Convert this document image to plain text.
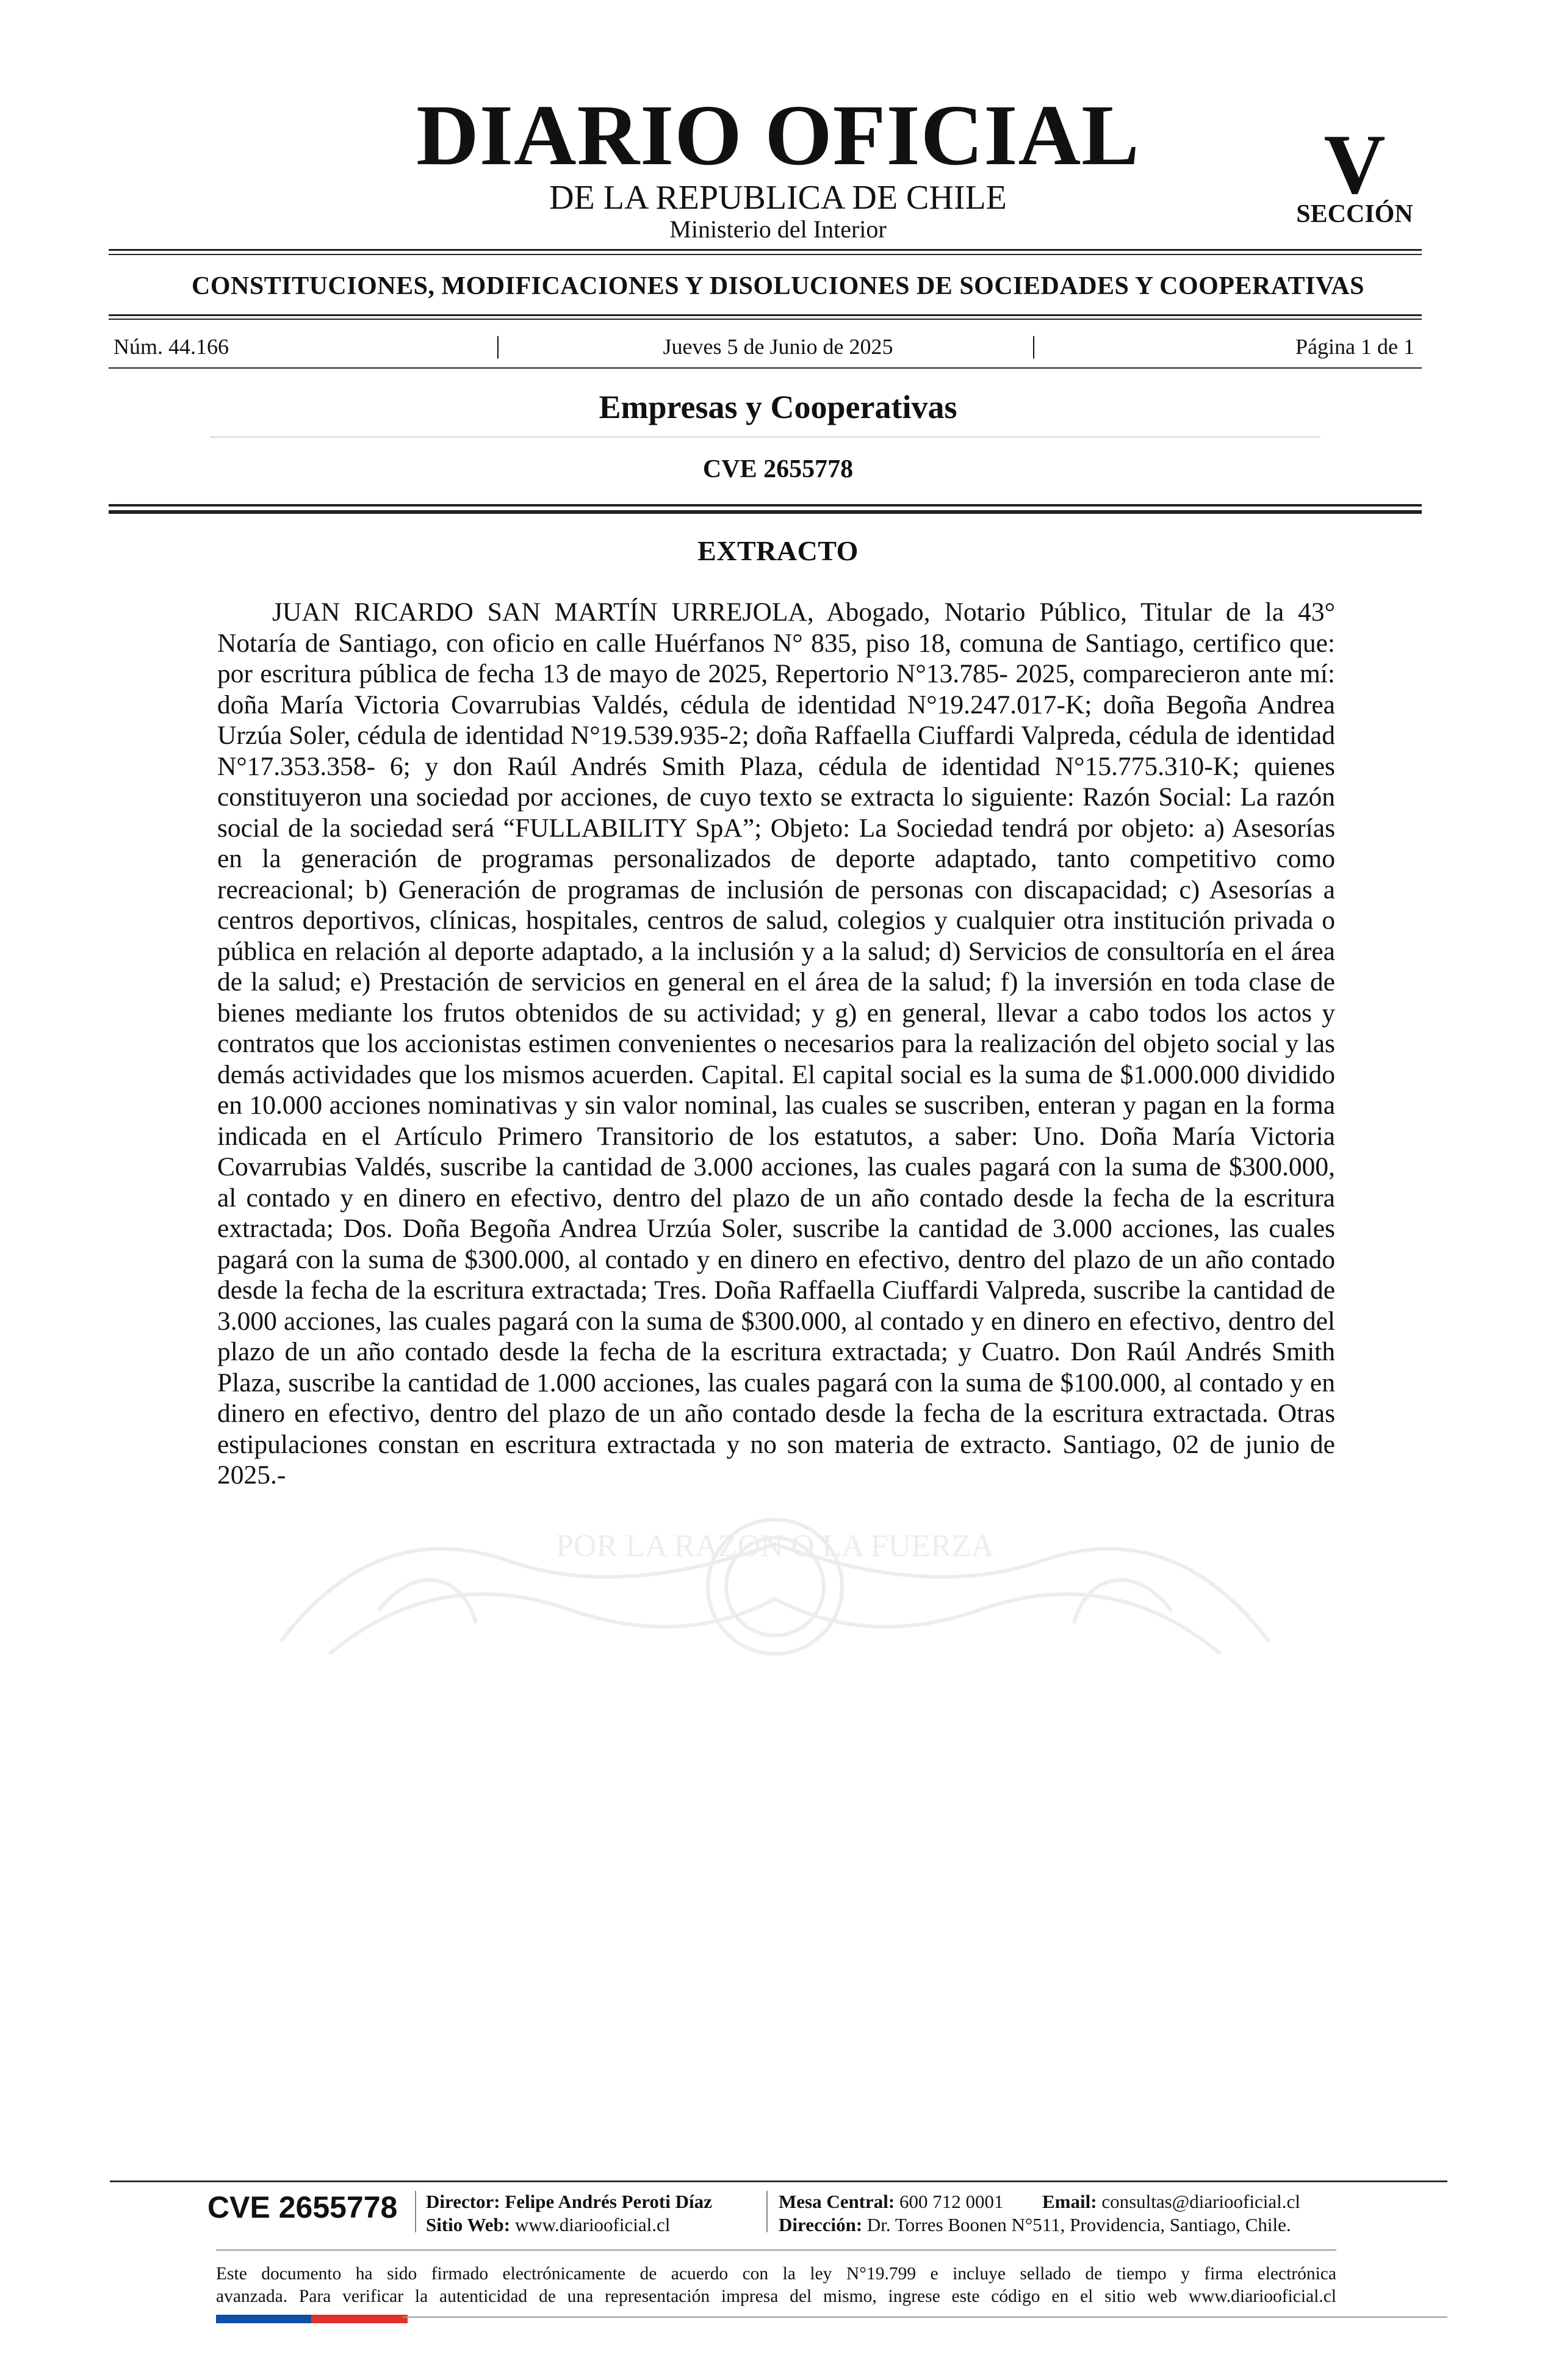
DIARIO OFICIAL
DE LA REPUBLICA DE CHILE
Ministerio del Interior
V
SECCIÓN
CONSTITUCIONES, MODIFICACIONES Y DISOLUCIONES DE SOCIEDADES Y COOPERATIVAS
Núm. 44.166	|	Jueves 5 de Junio de 2025	|	Página 1 de 1
Empresas y Cooperativas
CVE 2655778
EXTRACTO
POR LA RAZON O LA FUERZA

JUAN RICARDO SAN MARTÍN URREJOLA, Abogado, Notario Público, Titular de la 43° Notaría de Santiago, con oficio en calle Huérfanos N° 835, piso 18, comuna de Santiago, certifico que: por escritura pública de fecha 13 de mayo de 2025, Repertorio N°13.785- 2025, comparecieron ante mí: doña María Victoria Covarrubias Valdés, cédula de identidad N°19.247.017-K; doña Begoña Andrea Urzúa Soler, cédula de identidad N°19.539.935-2; doña Raffaella Ciuffardi Valpreda, cédula de identidad N°17.353.358- 6; y don Raúl Andrés Smith Plaza, cédula de identidad N°15.775.310-K; quienes constituyeron una sociedad por acciones, de cuyo texto se extracta lo siguiente: Razón Social: La razón social de la sociedad será “FULLABILITY SpA”; Objeto: La Sociedad tendrá por objeto: a) Asesorías en la generación de programas personalizados de deporte adaptado, tanto competitivo como recreacional; b) Generación de programas de inclusión de personas con discapacidad; c) Asesorías a centros deportivos, clínicas, hospitales, centros de salud, colegios y cualquier otra institución privada o pública en relación al deporte adaptado, a la inclusión y a la salud; d) Servicios de consultoría en el área de la salud; e) Prestación de servicios en general en el área de la salud; f) la inversión en toda clase de bienes mediante los frutos obtenidos de su actividad; y g) en general, llevar a cabo todos los actos y contratos que los accionistas estimen convenientes o necesarios para la realización del objeto social y las demás actividades que los mismos acuerden. Capital. El capital social es la suma de $1.000.000 dividido en 10.000 acciones nominativas y sin valor nominal, las cuales se suscriben, enteran y pagan en la forma indicada en el Artículo Primero Transitorio de los estatutos, a saber: Uno. Doña María Victoria Covarrubias Valdés, suscribe la cantidad de 3.000 acciones, las cuales pagará con la suma de $300.000, al contado y en dinero en efectivo, dentro del plazo de un año contado desde la fecha de la escritura extractada; Dos. Doña Begoña Andrea Urzúa Soler, suscribe la cantidad de 3.000 acciones, las cuales pagará con la suma de $300.000, al contado y en dinero en efectivo, dentro del plazo de un año contado desde la fecha de la escritura extractada; Tres. Doña Raffaella Ciuffardi Valpreda, suscribe la cantidad de 3.000 acciones, las cuales pagará con la suma de $300.000, al contado y en dinero en efectivo, dentro del plazo de un año contado desde la fecha de la escritura extractada; y Cuatro. Don Raúl Andrés Smith Plaza, suscribe la cantidad de 1.000 acciones, las cuales pagará con la suma de $100.000, al contado y en dinero en efectivo, dentro del plazo de un año contado desde la fecha de la escritura extractada. Otras estipulaciones constan en escritura extractada y no son materia de extracto. Santiago, 02 de junio de 2025.-

CVE 2655778 Director: Felipe Andrés Peroti Díaz
Sitio Web: www.diariooficial.cl
Mesa Central: 600 712 0001 Email: consultas@diariooficial.cl
Dirección: Dr. Torres Boonen N°511, Providencia, Santiago, Chile.
Este documento ha sido firmado electrónicamente de acuerdo con la ley N°19.799 e incluye sellado de tiempo y firma electrónica
avanzada. Para verificar la autenticidad de una representación impresa del mismo, ingrese este código en el sitio web www.diariooficial.cl
